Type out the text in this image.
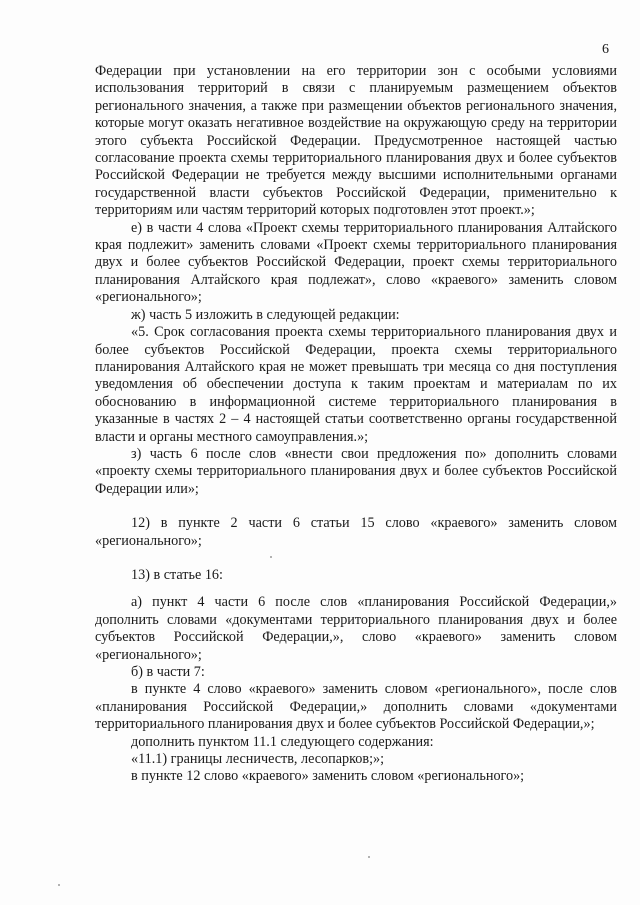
6

Федерации при установлении на его территории зон с особыми условиями использования территорий в связи с планируемым размещением объектов регионального значения, а также при размещении объектов регионального значения, которые могут оказать негативное воздействие на окружающую среду на территории этого субъекта Российской Федерации. Предусмотренное настоящей частью согласование проекта схемы территориального планирования двух и более субъектов Российской Федерации не требуется между высшими исполнительными органами государственной власти субъектов Российской Федерации, применительно к территориям или частям территорий которых подготовлен этот проект.»;

е) в части 4 слова «Проект схемы территориального планирования Алтайского края подлежит» заменить словами «Проект схемы территориального планирования двух и более субъектов Российской Федерации, проект схемы территориального планирования Алтайского края подлежат», слово «краевого» заменить словом «регионального»;

ж) часть 5 изложить в следующей редакции:

«5. Срок согласования проекта схемы территориального планирования двух и более субъектов Российской Федерации, проекта схемы территориального планирования Алтайского края не может превышать три месяца со дня поступления уведомления об обеспечении доступа к таким проектам и материалам по их обоснованию в информационной системе территориального планирования в указанные в частях 2 – 4 настоящей статьи соответственно органы государственной власти и органы местного самоуправления.»;

з) часть 6 после слов «внести свои предложения по» дополнить словами «проекту схемы территориального планирования двух и более субъектов Российской Федерации или»;

12) в пункте 2 части 6 статьи 15 слово «краевого» заменить словом «регионального»;

13) в статье 16:

а) пункт 4 части 6 после слов «планирования Российской Федерации,» дополнить словами «документами территориального планирования двух и более субъектов Российской Федерации,», слово «краевого» заменить словом «регионального»;

б) в части 7:

в пункте 4 слово «краевого» заменить словом «регионального», после слов «планирования Российской Федерации,» дополнить словами «документами территориального планирования двух и более субъектов Российской Федерации,»;

дополнить пунктом 11.1 следующего содержания:

«11.1) границы лесничеств, лесопарков;»;

в пункте 12 слово «краевого» заменить словом «регионального»;
